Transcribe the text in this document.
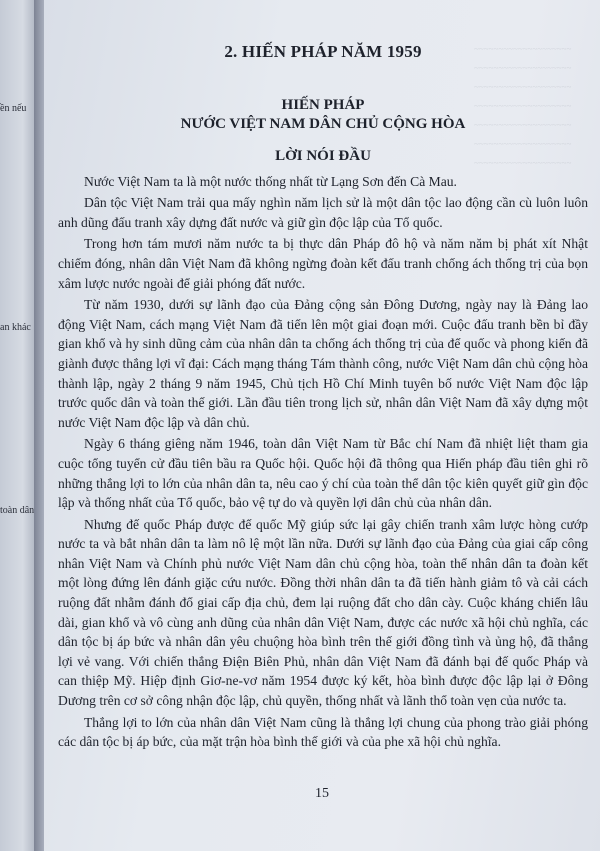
ền nếu
an khác
toàn dân
~~~~~~~~~~~~~~~~~~~~
~~~~~~~~~~~~~~~~~~~~
~~~~~~~~~~~~~~~~~~~~
~~~~~~~~~~~~~~~~~~~~
~~~~~~~~~~~~~~~~~~~~
~~~~~~~~~~~~~~~~~~~~
~~~~~~~~~~~~~~~~~~~~
2. HIẾN PHÁP NĂM 1959
HIẾN PHÁP
NƯỚC VIỆT NAM DÂN CHỦ CỘNG HÒA
LỜI NÓI ĐẦU

Nước Việt Nam ta là một nước thống nhất từ Lạng Sơn đến Cà Mau.

Dân tộc Việt Nam trải qua mấy nghìn năm lịch sử là một dân tộc lao động cần cù luôn luôn anh dũng đấu tranh xây dựng đất nước và giữ gìn độc lập của Tổ quốc.

Trong hơn tám mươi năm nước ta bị thực dân Pháp đô hộ và năm năm bị phát xít Nhật chiếm đóng, nhân dân Việt Nam đã không ngừng đoàn kết đấu tranh chống ách thống trị của bọn xâm lược nước ngoài để giải phóng đất nước.

Từ năm 1930, dưới sự lãnh đạo của Đảng cộng sản Đông Dương, ngày nay là Đảng lao động Việt Nam, cách mạng Việt Nam đã tiến lên một giai đoạn mới. Cuộc đấu tranh bền bỉ đầy gian khổ và hy sinh dũng cảm của nhân dân ta chống ách thống trị của đế quốc và phong kiến đã giành được thắng lợi vĩ đại: Cách mạng tháng Tám thành công, nước Việt Nam dân chủ cộng hòa thành lập, ngày 2 tháng 9 năm 1945, Chủ tịch Hồ Chí Minh tuyên bố nước Việt Nam độc lập trước quốc dân và toàn thế giới. Lần đầu tiên trong lịch sử, nhân dân Việt Nam đã xây dựng một nước Việt Nam độc lập và dân chủ.

Ngày 6 tháng giêng năm 1946, toàn dân Việt Nam từ Bắc chí Nam đã nhiệt liệt tham gia cuộc tổng tuyển cử đầu tiên bầu ra Quốc hội. Quốc hội đã thông qua Hiến pháp đầu tiên ghi rõ những thắng lợi to lớn của nhân dân ta, nêu cao ý chí của toàn thể dân tộc kiên quyết giữ gìn độc lập và thống nhất của Tổ quốc, bảo vệ tự do và quyền lợi dân chủ của nhân dân.

Nhưng đế quốc Pháp được đế quốc Mỹ giúp sức lại gây chiến tranh xâm lược hòng cướp nước ta và bắt nhân dân ta làm nô lệ một lần nữa. Dưới sự lãnh đạo của Đảng của giai cấp công nhân Việt Nam và Chính phủ nước Việt Nam dân chủ cộng hòa, toàn thể nhân dân ta đoàn kết một lòng đứng lên đánh giặc cứu nước. Đồng thời nhân dân ta đã tiến hành giảm tô và cải cách ruộng đất nhằm đánh đổ giai cấp địa chủ, đem lại ruộng đất cho dân cày. Cuộc kháng chiến lâu dài, gian khổ và vô cùng anh dũng của nhân dân Việt Nam, được các nước xã hội chủ nghĩa, các dân tộc bị áp bức và nhân dân yêu chuộng hòa bình trên thế giới đồng tình và ủng hộ, đã thắng lợi vẻ vang. Với chiến thắng Điện Biên Phủ, nhân dân Việt Nam đã đánh bại đế quốc Pháp và can thiệp Mỹ. Hiệp định Giơ-ne-vơ năm 1954 được ký kết, hòa bình được độc lập lại ở Đông Dương trên cơ sở công nhận độc lập, chủ quyền, thống nhất và lãnh thổ toàn vẹn của nước ta.

Thắng lợi to lớn của nhân dân Việt Nam cũng là thắng lợi chung của phong trào giải phóng các dân tộc bị áp bức, của mặt trận hòa bình thế giới và của phe xã hội chủ nghĩa.

15
